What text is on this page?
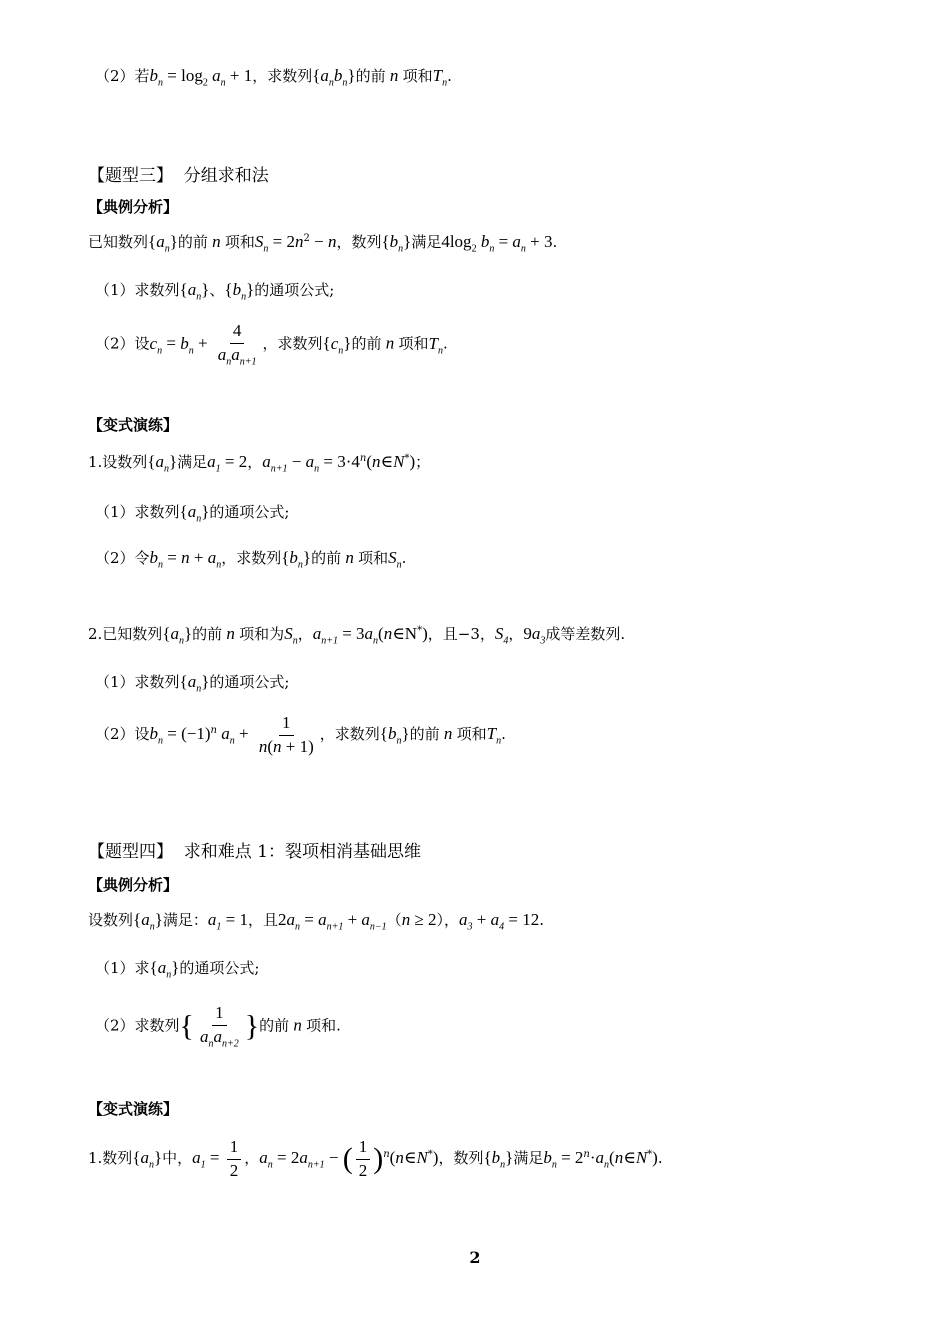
（2）若$b_n = \log_2 a_n + 1$，求数列$\{a_nb_n\}$的前 n 项和$T_n$.
【题型三】  分组求和法
【典例分析】
已知数列$\{a_n\}$的前 n 项和$S_n = 2n^2 - n$，数列$\{b_n\}$满足$4\log_2$ $b_n = a_n + 3$.
（1）求数列$\{a_n\}$、$\{b_n\}$的通项公式;
（2）设$c_n = b_n + \frac{4}{a_na_{n+1}}$ ，求数列$\{c_n\}$的前 n 项和$T_n$.
【变式演练】
1.设数列$\{a_n\}$满足$a_1 = 2$，$a_{n+1} - a_n$ = $3\cdot 4^n(n\in N^*)$；
（1）求数列$\{a_n\}$的通项公式;
（2）令$b_n = n + a_n$，求数列$\{b_n\}$的前 n 项和$S_n$.
2.已知数列$\{a_n\}$的前 n 项和为$S_n$，$a_{n+1}$ = $3a_n(n\in N^*)$，且−3，$S_4$，$9a_3$成等差数列.
（1）求数列$\{a_n\}$的通项公式;
（2）设$b_n = (-1)^n$ $a_n + \frac{1}{n(n + 1)}$ ，求数列$\{b_n\}$的前 n 项和$T_n$.
【题型四】  求和难点 1：裂项相消基础思维
【典例分析】
设数列$\{a_n\}$满足：$a_1 = 1$，且$2a_n = a_{n+1} + a_{n-1}(n \ge 2)$，$a_3 + a_4 = 12$.
（1）求$\{a_n\}$的通项公式;
（2）求数列{ $\frac{1}{a_na_{n+2}}$ }的前 n 项和.
【变式演练】
1.数列$\{a_n\}$中，$a_1 = \frac{1}{2}$ ，$a_n = 2a_{n+1}$ − ( $\frac{1}{2}$ )$^n$(n∈N*)，数列$\{b_n\}$满足$b_n$ = $2^n\cdot a_n(n\in N^*)$.
2
